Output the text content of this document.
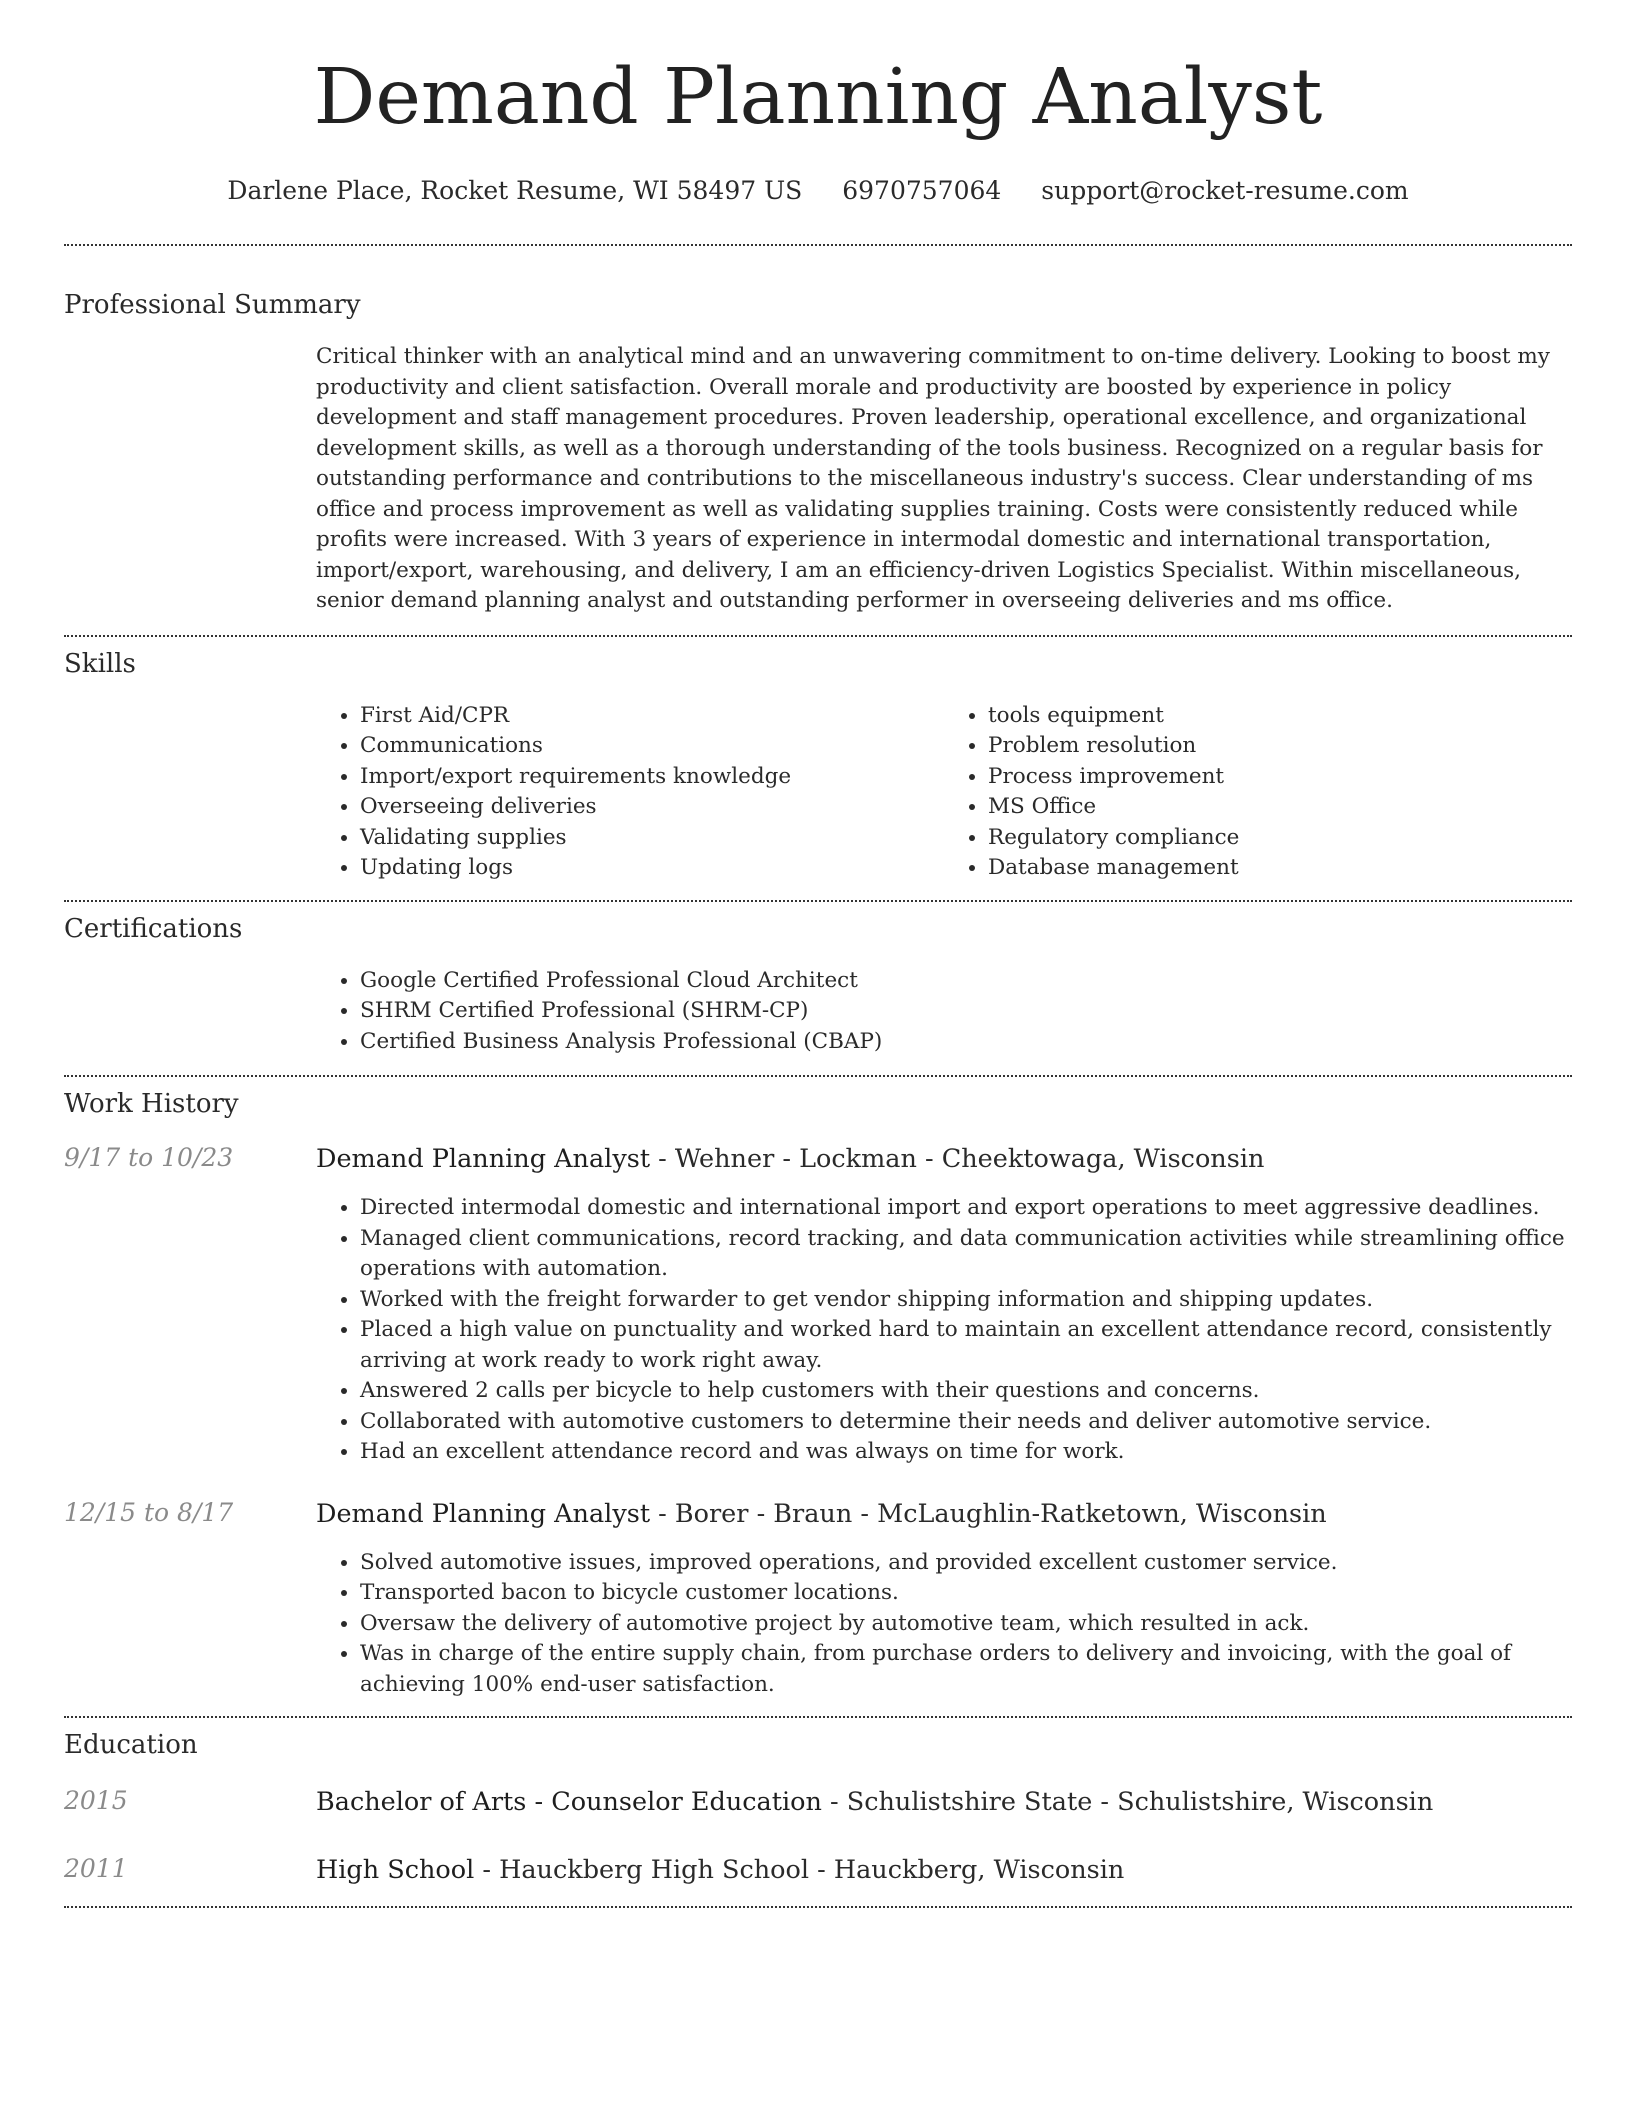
Demand Planning Analyst
Darlene Place, Rocket Resume, WI 58497 US 6970757064 support@rocket-resume.com
Professional Summary

Critical thinker with an analytical mind and an unwavering commitment to on-time delivery. Looking to boost my productivity and client satisfaction. Overall morale and productivity are boosted by experience in policy development and staff management procedures. Proven leadership, operational excellence, and organizational development skills, as well as a thorough understanding of the tools business. Recognized on a regular basis for outstanding performance and contributions to the miscellaneous industry's success. Clear understanding of ms office and process improvement as well as validating supplies training. Costs were consistently reduced while profits were increased. With 3 years of experience in intermodal domestic and international transportation, import/export, warehousing, and delivery, I am an efficiency-driven Logistics Specialist. Within miscellaneous, senior demand planning analyst and outstanding performer in overseeing deliveries and ms office.

Skills
• First Aid/CPR
• Communications
• Import/export requirements knowledge
• Overseeing deliveries
• Validating supplies
• Updating logs
• tools equipment
• Problem resolution
• Process improvement
• MS Office
• Regulatory compliance
• Database management
Certifications
• Google Certified Professional Cloud Architect
• SHRM Certified Professional (SHRM-CP)
• Certified Business Analysis Professional (CBAP)
Work History
9/17 to 10/23	Demand Planning Analyst - Wehner - Lockman - Cheektowaga, Wisconsin
• Directed intermodal domestic and international import and export operations to meet aggressive deadlines.
• Managed client communications, record tracking, and data communication activities while streamlining office operations with automation.
• Worked with the freight forwarder to get vendor shipping information and shipping updates.
• Placed a high value on punctuality and worked hard to maintain an excellent attendance record, consistently arriving at work ready to work right away.
• Answered 2 calls per bicycle to help customers with their questions and concerns.
• Collaborated with automotive customers to determine their needs and deliver automotive service.
• Had an excellent attendance record and was always on time for work.
12/15 to 8/17	Demand Planning Analyst - Borer - Braun - McLaughlin-Ratketown, Wisconsin
• Solved automotive issues, improved operations, and provided excellent customer service.
• Transported bacon to bicycle customer locations.
• Oversaw the delivery of automotive project by automotive team, which resulted in ack.
• Was in charge of the entire supply chain, from purchase orders to delivery and invoicing, with the goal of achieving 100% end-user satisfaction.
Education
2015	Bachelor of Arts - Counselor Education - Schulistshire State - Schulistshire, Wisconsin
2011	High School - Hauckberg High School - Hauckberg, Wisconsin
